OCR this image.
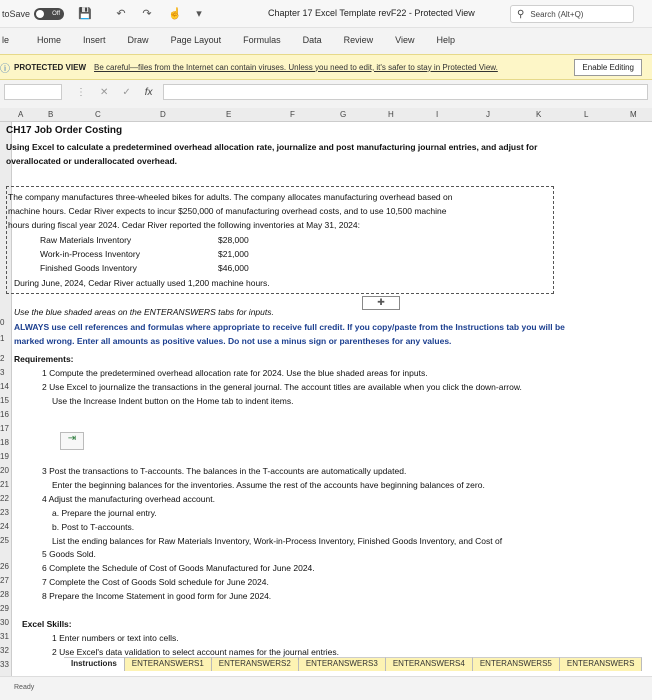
toSave	Off 💾 ↶ ↷ ☝	▾	Chapter 17 Excel Template revF22 - Protected View	⚲ Search (Alt+Q)
le	Home Insert Draw Page Layout Formulas Data Review View Help
ⓘ PROTECTED VIEW Be careful—files from the Internet can contain viruses. Unless you need to edit, it's safer to stay in Protected View.	Enable Editing
⋮ ✕ ✓ fx
A	B	C	D	E	F	G	H	I	J	K	L	M
0
1
2
3
14
15
16
17
18
19
20
21
22
23
24
25
26
27
28
29
30
31
32
33
CH17 Job Order Costing
Using Excel to calculate a predetermined overhead allocation rate, journalize and post manufacturing journal entries, and adjust for
overallocated or underallocated overhead.
The company manufactures three-wheeled bikes for adults. The company allocates manufacturing overhead based on
machine hours. Cedar River expects to incur $250,000 of manufacturing overhead costs, and to use 10,500 machine
hours during fiscal year 2024. Cedar River reported the following inventories at May 31, 2024:
Raw Materials Inventory	$28,000
Work-in-Process Inventory	$21,000
Finished Goods Inventory	$46,000
During June, 2024, Cedar River actually used 1,200 machine hours.
✚
Use the blue shaded areas on the ENTERANSWERS tabs for inputs.
ALWAYS use cell references and formulas where appropriate to receive full credit. If you copy/paste from the Instructions tab you will be
marked wrong. Enter all amounts as positive values. Do not use a minus sign or parentheses for any values.
Requirements:
1 Compute the predetermined overhead allocation rate for 2024. Use the blue shaded areas for inputs.
2 Use Excel to journalize the transactions in the general journal. The account titles are available when you click the down-arrow.
Use the Increase Indent button on the Home tab to indent items.
⇥
3 Post the transactions to T-accounts. The balances in the T-accounts are automatically updated.
Enter the beginning balances for the inventories. Assume the rest of the accounts have beginning balances of zero.
4 Adjust the manufacturing overhead account.
a. Prepare the journal entry.
b. Post to T-accounts.
List the ending balances for Raw Materials Inventory, Work-in-Process Inventory, Finished Goods Inventory, and Cost of
5 Goods Sold.
6 Complete the Schedule of Cost of Goods Manufactured for June 2024.
7 Complete the Cost of Goods Sold schedule for June 2024.
8 Prepare the Income Statement in good form for June 2024.
Excel Skills:
1 Enter numbers or text into cells.
2 Use Excel's data validation to select account names for the journal entries.
Instructions	ENTERANSWERS1	ENTERANSWERS2	ENTERANSWERS3	ENTERANSWERS4	ENTERANSWERS5	ENTERANSWERS
Ready
